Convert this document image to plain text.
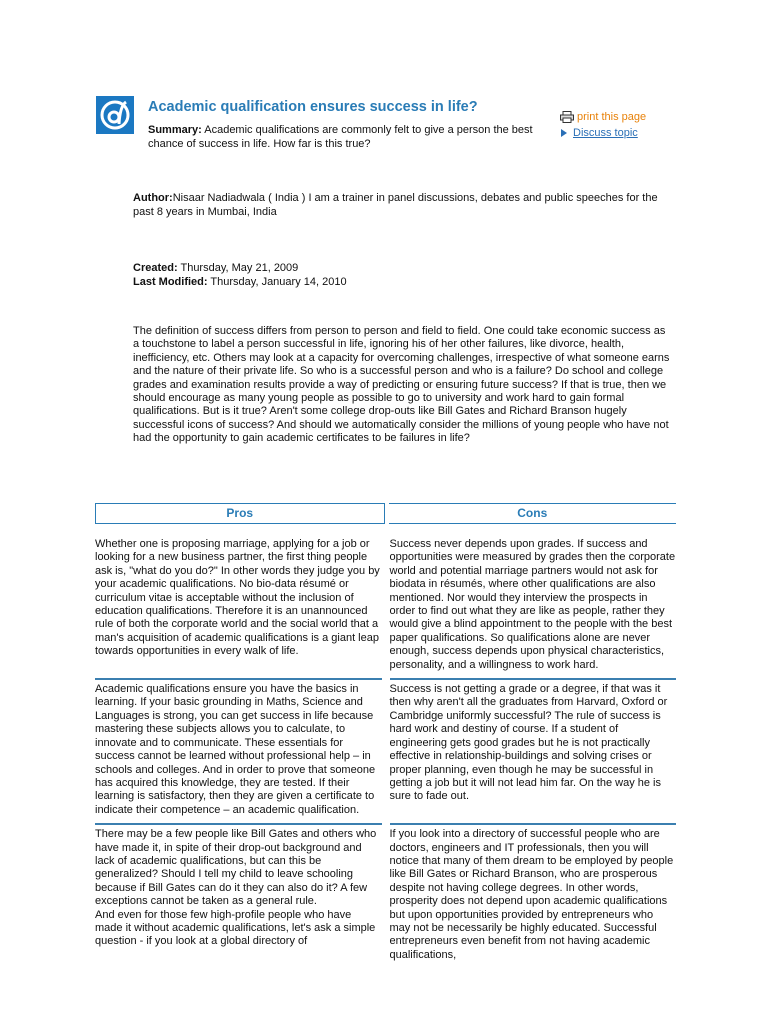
Academic qualification ensures success in life?
Summary: Academic qualifications are commonly felt to give a person the best chance of success in life. How far is this true?
print this page
Discuss topic
Author:Nisaar Nadiadwala ( India ) I am a trainer in panel discussions, debates and public speeches for the past 8 years in Mumbai, India
Created: Thursday, May 21, 2009
Last Modified: Thursday, January 14, 2010
The definition of success differs from person to person and field to field. One could take economic success as a touchstone to label a person successful in life, ignoring his of her other failures, like divorce, health, inefficiency, etc. Others may look at a capacity for overcoming challenges, irrespective of what someone earns and the nature of their private life. So who is a successful person and who is a failure? Do school and college grades and examination results provide a way of predicting or ensuring future success? If that is true, then we should encourage as many young people as possible to go to university and work hard to gain formal qualifications. But is it true? Aren't some college drop-outs like Bill Gates and Richard Branson hugely successful icons of success? And should we automatically consider the millions of young people who have not had the opportunity to gain academic certificates to be failures in life?
Pros	Cons
Whether one is proposing marriage, applying for a job or looking for a new business partner, the first thing people ask is, "what do you do?" In other words they judge you by your academic qualifications. No bio-data résumé or curriculum vitae is acceptable without the inclusion of education qualifications. Therefore it is an unannounced rule of both the corporate world and the social world that a man's acquisition of academic qualifications is a giant leap towards opportunities in every walk of life.
Success never depends upon grades. If success and opportunities were measured by grades then the corporate world and potential marriage partners would not ask for biodata in résumés, where other qualifications are also mentioned. Nor would they interview the prospects in order to find out what they are like as people, rather they would give a blind appointment to the people with the best paper qualifications. So qualifications alone are never enough, success depends upon physical characteristics, personality, and a willingness to work hard.
Academic qualifications ensure you have the basics in learning. If your basic grounding in Maths, Science and Languages is strong, you can get success in life because mastering these subjects allows you to calculate, to innovate and to communicate. These essentials for success cannot be learned without professional help – in schools and colleges. And in order to prove that someone has acquired this knowledge, they are tested. If their learning is satisfactory, then they are given a certificate to indicate their competence – an academic qualification.
Success is not getting a grade or a degree, if that was it then why aren't all the graduates from Harvard, Oxford or Cambridge uniformly successful? The rule of success is hard work and destiny of course. If a student of engineering gets good grades but he is not practically effective in relationship-buildings and solving crises or proper planning, even though he may be successful in getting a job but it will not lead him far. On the way he is sure to fade out.

There may be a few people like Bill Gates and others who have made it, in spite of their drop-out background and lack of academic qualifications, but can this be generalized? Should I tell my child to leave schooling because if Bill Gates can do it they can also do it? A few exceptions cannot be taken as a general rule.

And even for those few high-profile people who have made it without academic qualifications, let's ask a simple question - if you look at a global directory of

If you look into a directory of successful people who are doctors, engineers and IT professionals, then you will notice that many of them dream to be employed by people like Bill Gates or Richard Branson, who are prosperous despite not having college degrees. In other words, prosperity does not depend upon academic qualifications but upon opportunities provided by entrepreneurs who may not be necessarily be highly educated. Successful entrepreneurs even benefit from not having academic qualifications,
